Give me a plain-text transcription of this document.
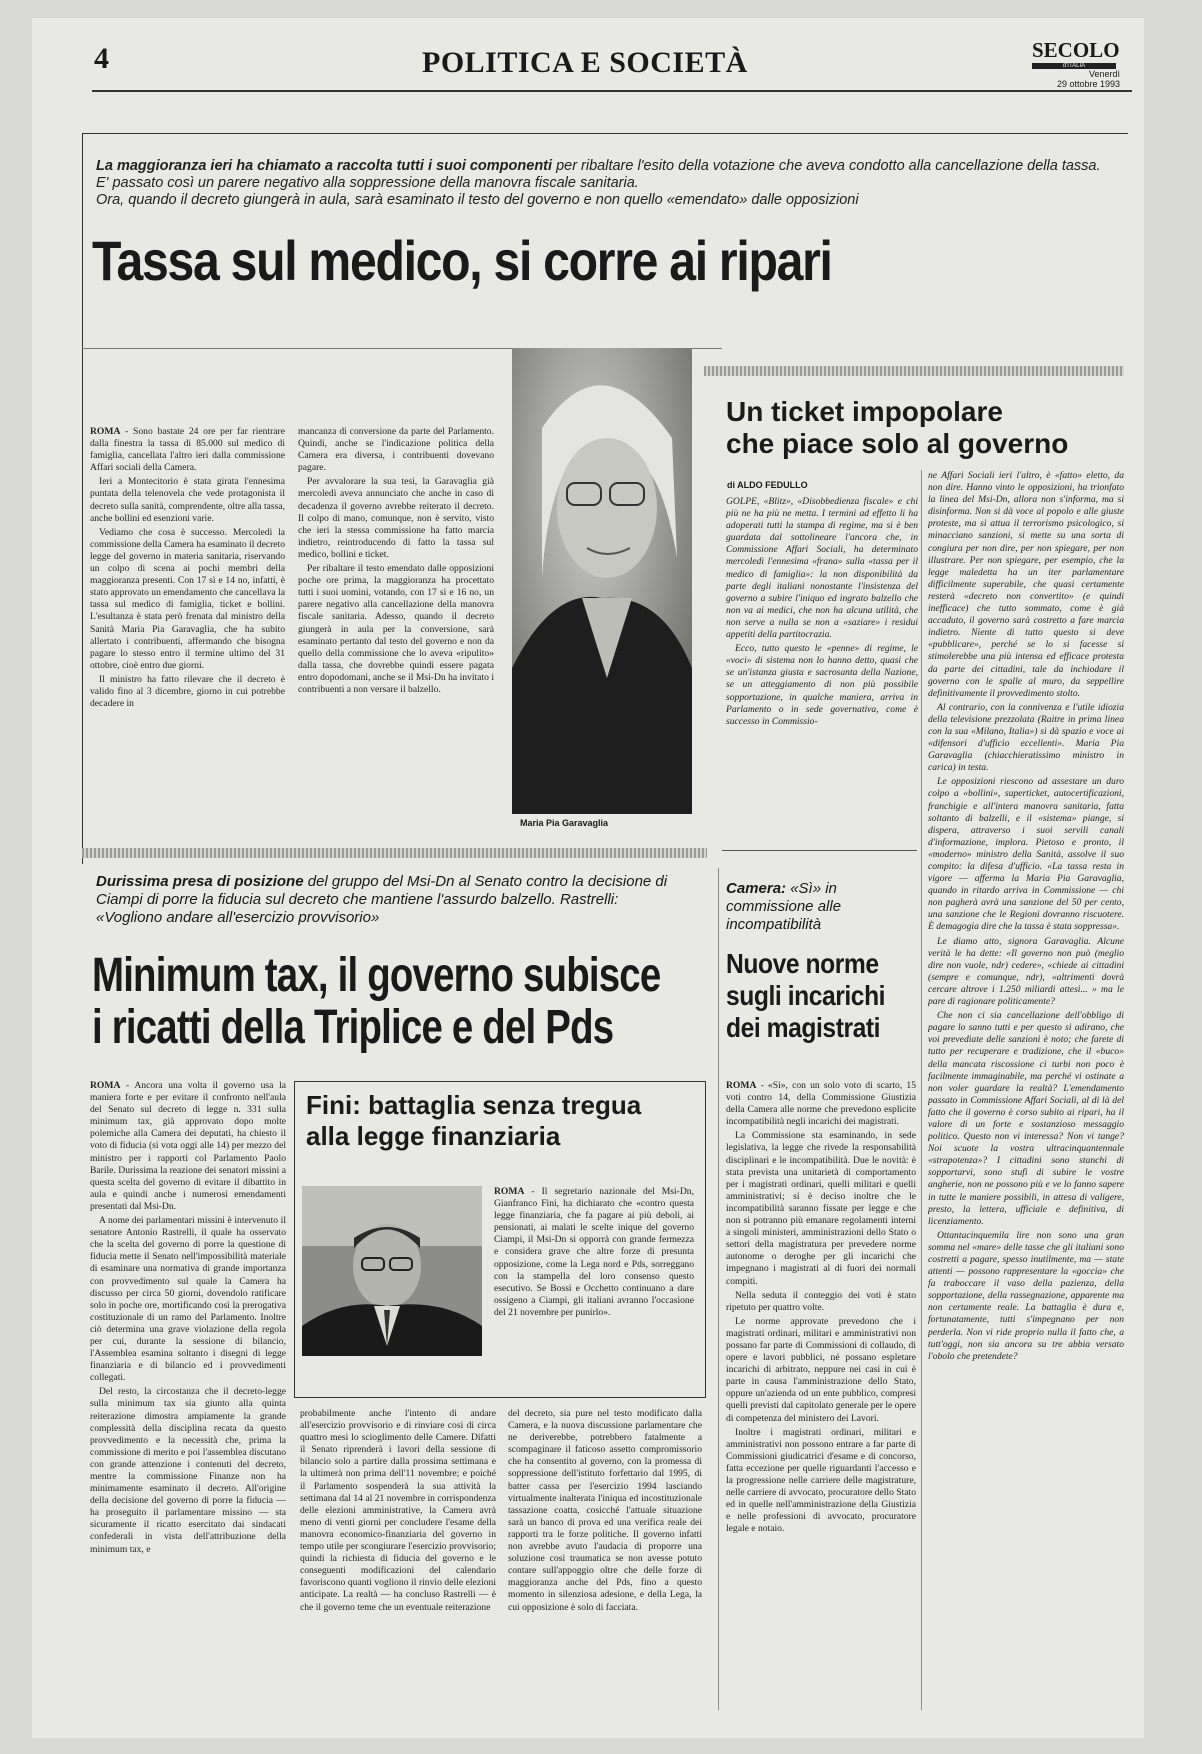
4	POLITICA E SOCIETÀ	SECOLO
d'ITALIA
Venerdì
29 ottobre 1993
La maggioranza ieri ha chiamato a raccolta tutti i suoi componenti per ribaltare l'esito della votazione che aveva condotto alla cancellazione della tassa. E' passato così un parere negativo alla soppressione della manovra fiscale sanitaria.
Ora, quando il decreto giungerà in aula, sarà esaminato il testo del governo e non quello «emendato» dalle opposizioni
Tassa sul medico, si corre ai ripari

ROMA - Sono bastate 24 ore per far rientrare dalla finestra la tassa di 85.000 sul medico di famiglia, cancellata l'altro ieri dalla commissione Affari sociali della Camera.

Ieri a Montecitorio è stata girata l'ennesima puntata della telenovela che vede protagonista il decreto sulla sanità, comprendente, oltre alla tassa, anche bollini ed esenzioni varie.

Vediamo che cosa è successo. Mercoledì la commissione della Camera ha esaminato il decreto legge del governo in materia sanitaria, riservando un colpo di scena ai pochi membri della maggioranza presenti. Con 17 sì e 14 no, infatti, è stato approvato un emendamento che cancellava la tassa sul medico di famiglia, ticket e bollini. L'esultanza è stata però frenata dal ministro della Sanità Maria Pia Garavaglia, che ha subito allertato i contribuenti, affermando che bisogna pagare lo stesso entro il termine ultimo del 31 ottobre, cioè entro due giorni.

Il ministro ha fatto rilevare che il decreto è valido fino al 3 dicembre, giorno in cui potrebbe decadere in

mancanza di conversione da parte del Parlamento. Quindi, anche se l'indicazione politica della Camera era diversa, i contribuenti dovevano pagare.

Per avvalorare la sua tesi, la Garavaglia già mercoledì aveva annunciato che anche in caso di decadenza il governo avrebbe reiterato il decreto. Il colpo di mano, comunque, non è servito, visto che ieri la stessa commissione ha fatto marcia indietro, reintroducendo di fatto la tassa sul medico, bollini e ticket.

Per ribaltare il testo emendato dalle opposizioni poche ore prima, la maggioranza ha procettato tutti i suoi uomini, votando, con 17 sì e 16 no, un parere negativo alla cancellazione della manovra fiscale sanitaria. Adesso, quando il decreto giungerà in aula per la conversione, sarà esaminato pertanto dal testo del governo e non da quello della commissione che lo aveva «ripulito» dalla tassa, che dovrebbe quindi essere pagata entro dopodomani, anche se il Msi-Dn ha invitato i contribuenti a non versare il balzello.

Maria Pia Garavaglia
Un ticket impopolare
che piace solo al governo
di ALDO FEDULLO

GOLPE, «Blitz», «Disobbedienza fiscale» e chi più ne ha più ne metta. I termini ad effetto li ha adoperati tutti la stampa di regime, ma si è ben guardata dal sottolineare l'ancora che, in Commissione Affari Sociali, ha determinato mercoledì l'ennesima «frana» sulla «tassa per il medico di famiglia»: la non disponibilità da parte degli italiani nonostante l'insistenza del governo a subire l'iniquo ed ingrato balzello che non va ai medici, che non ha alcuna utilità, che non serve a nulla se non a «saziare» i residui appetiti della partitocrazia.

Ecco, tutto questo le «penne» di regime, le «voci» di sistema non lo hanno detto, quasi che se un'istanza giusta e sacrosanta della Nazione, se un atteggiamento di non più possibile sopportazione, in qualche maniera, arriva in Parlamento o in sede governativa, come è successo in Commissio-

ne Affari Sociali ieri l'altro, è «fatto» eletto, da non dire. Hanno vinto le opposizioni, ha trionfato la linea del Msi-Dn, allora non s'informa, ma si disinforma. Non si dà voce al popolo e alle giuste proteste, ma si attua il terrorismo psicologico, si minacciano sanzioni, si mette su una sorta di congiura per non dire, per non spiegare, per non illustrare. Per non spiegare, per esempio, che la legge maledetta ha un iter parlamentare difficilmente superabile, che quasi certamente resterà «decreto non convertito» (e quindi inefficace) che tutto sommato, come è già accaduto, il governo sarà costretto a fare marcia indietro. Niente di tutto questo si deve «pubblicare», perché se lo si facesse si stimolerebbe una più intensa ed efficace protesta da parte dei cittadini, tale da inchiodare il governo con le spalle al muro, da seppellire definitivamente il provvedimento stolto.

Al contrario, con la connivenza e l'utile idiozia della televisione prezzolata (Raitre in prima linea con la sua «Milano, Italia») si dà spazio e voce ai «difensori d'ufficio eccellenti». Maria Pia Garavaglia (chiacchieratissimo ministro in carica) in testa.

Le opposizioni riescono ad assestare un duro colpo a «bollini», superticket, autocertificazioni, franchigie e all'intera manovra sanitaria, fatta soltanto di balzelli, e il «sistema» piange, si dispera, attraverso i suoi servili canali d'informazione, implora. Pietoso e pronto, il «moderno» ministro della Sanità, assolve il suo compito: la difesa d'ufficio. «La tassa resta in vigore — afferma la Maria Pia Garavaglia, quando in ritardo arriva in Commissione — chi non pagherà avrà una sanzione del 50 per cento, una sanzione che le Regioni dovranno riscuotere. È demagogia dire che la tassa è stata soppressa».

Le diamo atto, signora Garavaglia. Alcune verità le ha dette: «Il governo non può (meglio dire non vuole, ndr) cedere», «chiede ai cittadini (sempre e comunque, ndr), «altrimenti dovrà cercare altrove i 1.250 miliardi attesi... » ma le pare di ragionare politicamente?

Che non ci sia cancellazione dell'obbligo di pagare lo sanno tutti e per questo si adirano, che voi prevediate delle sanzioni è noto; che farete di tutto per recuperare e tradizione, che il «buco» della mancata riscossione ci turbi non poco è facilmente immaginabile, ma perché vi ostinate a non voler guardare la realtà? L'emendamento passato in Commissione Affari Sociali, al di là del fatto che il governo è corso subito ai ripari, ha il valore di un forte e sostanzioso messaggio politico. Questo non vi interessa? Non vi tange? Noi scuote la vostra ultracinquantennale «strapotenza»? I cittadini sono stanchi di sopportarvi, sono stufi di subire le vostre angherie, non ne possono più e ve lo fanno sapere in tutte le maniere possibili, in attesa di valigere, presto, la lettera, ufficiale e definitiva, di licenziamento.

Ottantacinquemila lire non sono una gran somma nel «mare» delle tasse che gli italiani sono costretti a pagare, spesso inutilmente, ma — state attenti — possono rappresentare la «goccia» che fa traboccare il vaso della pazienza, della sopportazione, della rassegnazione, apparente ma non certamente reale. La battaglia è dura e, fortunatamente, tutti s'impegnano per non perderla. Non vi ride proprio nulla il fatto che, a tutt'oggi, non sia ancora su tre abbia versato l'obolo che pretendete?

Durissima presa di posizione del gruppo del Msi-Dn al Senato contro la decisione di Ciampi di porre la fiducia sul decreto che mantiene l'assurdo balzello. Rastrelli: «Vogliono andare all'esercizio provvisorio»
Minimum tax, il governo subisce
i ricatti della Triplice e del Pds

ROMA - Ancora una volta il governo usa la maniera forte e per evitare il confronto nell'aula del Senato sul decreto di legge n. 331 sulla minimum tax, già approvato dopo molte polemiche alla Camera dei deputati, ha chiesto il voto di fiducia (si vota oggi alle 14) per mezzo del ministro per i rapporti col Parlamento Paolo Barile. Durissima la reazione dei senatori missini a questa scelta del governo di evitare il dibattito in aula e quindi anche i numerosi emendamenti presentati dal Msi-Dn.

A nome dei parlamentari missini è intervenuto il senatore Antonio Rastrelli, il quale ha osservato che la scelta del governo di porre la questione di fiducia mette il Senato nell'impossibilità materiale di esaminare una normativa di grande importanza con provvedimento sul quale la Camera ha discusso per circa 50 giorni, dovendolo ratificare solo in poche ore, mortificando così la prerogativa costituzionale di un ramo del Parlamento. Inoltre ciò determina una grave violazione della regola per cui, durante la sessione di bilancio, l'Assemblea esamina soltanto i disegni di legge finanziaria e di bilancio ed i provvedimenti collegati.

Del resto, la circostanza che il decreto-legge sulla minimum tax sia giunto alla quinta reiterazione dimostra ampiamente la grande complessità della disciplina recata da questo provvedimento e la necessità che, prima la commissione di merito e poi l'assemblea discutano con grande attenzione i contenuti del decreto, mentre la commissione Finanze non ha minimamente esaminato il decreto. All'origine della decisione del governo di porre la fiducia — ha proseguito il parlamentare missino — sta sicuramente il ricatto esercitato dai sindacati confederali in vista dell'attribuzione della minimum tax, e

probabilmente anche l'intento di andare all'esercizio provvisorio e di rinviare così di circa quattro mesi lo scioglimento delle Camere. Difatti il Senato riprenderà i lavori della sessione di bilancio solo a partire dalla prossima settimana e la ultimerà non prima dell'11 novembre; e poiché il Parlamento sospenderà la sua attività la settimana dal 14 al 21 novembre in corrispondenza delle elezioni amministrative, la Camera avrà meno di venti giorni per concludere l'esame della manovra economico-finanziaria del governo in tempo utile per scongiurare l'esercizio provvisorio; quindi la richiesta di fiducia del governo e le conseguenti modificazioni del calendario favoriscono quanti vogliono il rinvio delle elezioni anticipate. La realtà — ha concluso Rastrelli — è che il governo teme che un eventuale reiterazione

del decreto, sia pure nel testo modificato dalla Camera, e la nuova discussione parlamentare che ne deriverebbe, potrebbero fatalmente a scompaginare il faticoso assetto compromissorio che ha consentito al governo, con la promessa di soppressione dell'istituto forfettario dal 1995, di batter cassa per l'esercizio 1994 lasciando virtualmente inalterata l'iniqua ed incostituzionale tassazione coatta, cosicché l'attuale situazione sarà un banco di prova ed una verifica reale dei rapporti tra le forze politiche. Il governo infatti non avrebbe avuto l'audacia di proporre una soluzione così traumatica se non avesse potuto contare sull'appoggio oltre che delle forze di maggioranza anche del Pds, fino a questo momento in silenziosa adesione, e della Lega, la cui opposizione è solo di facciata.

Fini: battaglia senza tregua
alla legge finanziaria

ROMA - Il segretario nazionale del Msi-Dn, Gianfranco Fini, ha dichiarato che «contro questa legge finanziaria, che fa pagare ai più deboli, ai pensionati, ai malati le scelte inique del governo Ciampi, il Msi-Dn si opporrà con grande fermezza e considera grave che altre forze di presunta opposizione, come la Lega nord e Pds, sorreggano con la stampella del loro consenso questo esecutivo. Se Bossi e Occhetto continuano a dare ossigeno a Ciampi, gli italiani avranno l'occasione del 21 novembre per punirlo».

Camera: «Sì» in commissione alle incompatibilità
Nuove norme
sugli incarichi
dei magistrati

ROMA - «Sì», con un solo voto di scarto, 15 voti contro 14, della Commissione Giustizia della Camera alle norme che prevedono esplicite incompatibilità negli incarichi dei magistrati.

La Commissione sta esaminando, in sede legislativa, la legge che rivede la responsabilità disciplinari e le incompatibilità. Due le novità: è stata prevista una unitarietà di comportamento per i magistrati ordinari, quelli militari e quelli amministrativi; si è deciso inoltre che le incompatibilità saranno fissate per legge e che non si potranno più emanare regolamenti interni a singoli ministeri, amministrazioni dello Stato o settori della magistratura per prevedere norme autonome o deroghe per gli incarichi che impegnano i magistrati al di fuori dei normali compiti.

Nella seduta il conteggio dei voti è stato ripetuto per quattro volte.

Le norme approvate prevedono che i magistrati ordinari, militari e amministrativi non possano far parte di Commissioni di collaudo, di opere e lavori pubblici, né possano espletare incarichi di arbitrato, neppure nei casi in cui è parte in causa l'amministrazione dello Stato, oppure un'azienda od un ente pubblico, compresi quelli previsti dal capitolato generale per le opere di competenza del ministero dei Lavori.

Inoltre i magistrati ordinari, militari e amministrativi non possono entrare a far parte di Commissioni giudicatrici d'esame e di concorso, fatta eccezione per quelle riguardanti l'accesso e la progressione nelle carriere delle magistrature, nelle carriere di avvocato, procuratore dello Stato ed in quelle nell'amministrazione della Giustizia e nelle professioni di avvocato, procuratore legale e notaio.
